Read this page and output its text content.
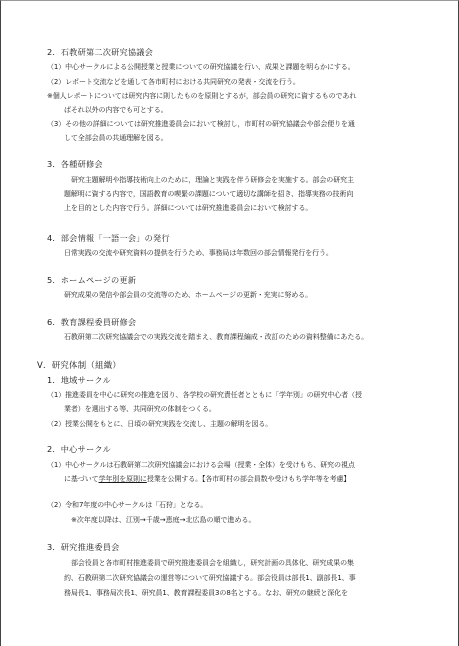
2．石教研第二次研究協議会
（1）中心サークルによる公開授業と授業についての研究協議を行い、成果と課題を明らかにする。
（2）レポート交流などを通して各市町村における共同研究の発表・交流を行う。
※個人レポートについては研究内容に則したものを原則とするが，部会員の研究に資するものであれ
ばそれ以外の内容でも可とする。
（3）その他の詳細については研究推進委員会において検討し，市町村の研究協議会や部会便りを通
して全部会員の共通理解を図る。
3．各種研修会
研究主題解明や指導技術向上のために，理論と実践を伴う研修会を実施する。部会の研究主
題解明に資する内容で，国語教育の喫緊の課題について適切な講師を招き、指導実務の技術向
上を目的とした内容で行う。詳細については研究推進委員会において検討する。
4．部会情報「一語一会」の発行
日常実践の交流や研究資料の提供を行うため、事務局は年数回の部会情報発行を行う。
5．ホームページの更新
研究成果の発信や部会員の交流等のため、ホームページの更新・充実に努める。
6．教育課程委員研修会
石教研第二次研究協議会での実践交流を踏まえ、教育課程編成・改訂のための資料整備にあたる。
V．研究体制（組織）
1．地域サークル
（1）推進委員を中心に研究の推進を図り、各学校の研究責任者とともに「学年別」の研究中心者（授
業者）を選出する等、共同研究の体制をつくる。
（2）授業公開をもとに、日頃の研究実践を交流し、主題の解明を図る。
2．中心サークル
（1）中心サークルは石教研第二次研究協議会における会場（授業・全体）を受けもち、研究の視点
に基づいて学年別を原則に授業を公開する。【各市町村の部会員数や受けもち学年等を考慮】
（2）令和7年度の中心サークルは「石狩」となる。
※次年度以降は、江別→千歳→恵庭→北広島の順で進める。
3．研究推進委員会
部会役員と各市町村推進委員で研究推進委員会を組織し，研究計画の具体化、研究成果の集
約、石教研第二次研究協議会の運営等について研究協議する。部会役員は部長1、副部長1、事
務局長1、事務局次長1、研究員1、教育課程委員3の8名とする。なお、研究の継続と深化を
